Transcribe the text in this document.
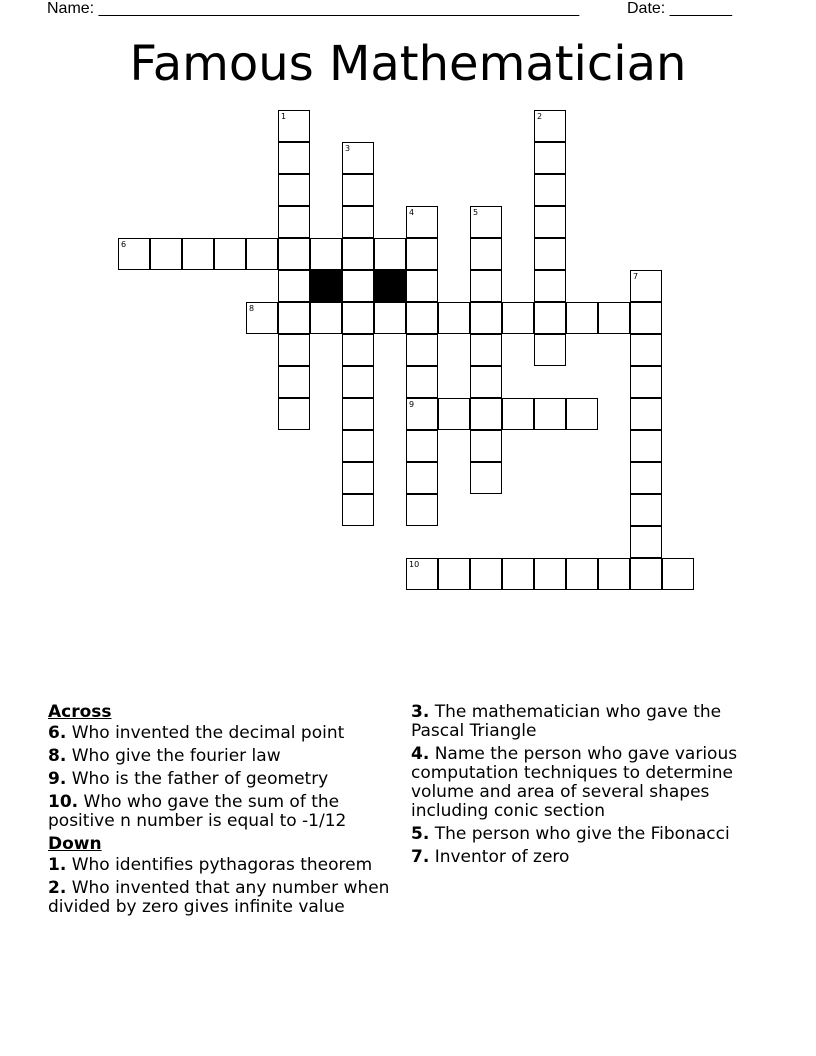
Name: ______________________________________________________	Date: _______
Famous Mathematician
1	2
3
4
9
5
6
7
8
10
Across
6. Who invented the decimal point
8. Who give the fourier law
9. Who is the father of geometry
10. Who who gave the sum of the positive n number is equal to -1/12
Down
1. Who identifies pythagoras theorem
2. Who invented that any number when divided by zero gives infinite value
3. The mathematician who gave the Pascal Triangle
4. Name the person who gave various computation techniques to determine volume and area of several shapes including conic section
5. The person who give the Fibonacci
7. Inventor of zero
